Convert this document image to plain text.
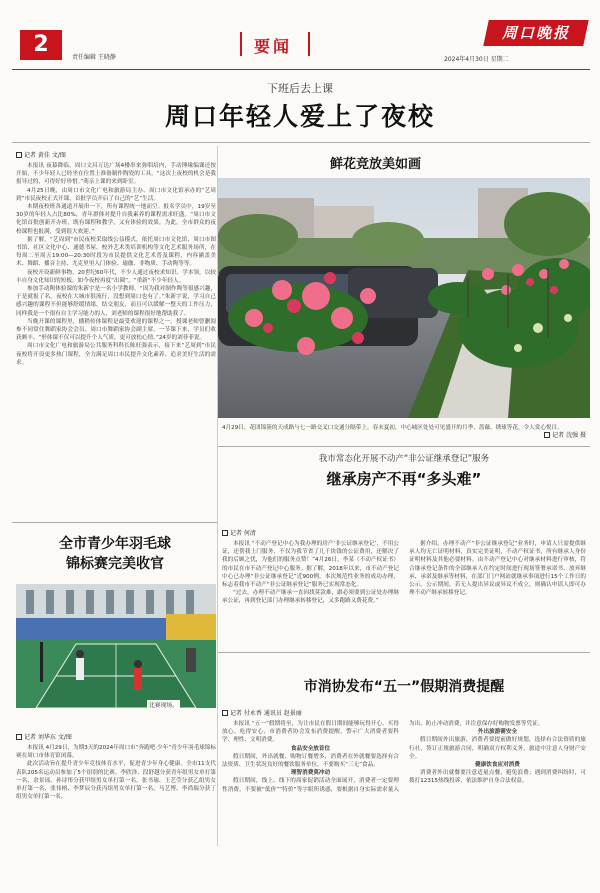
2
责任编辑 王晓静
要闻
2024年4月30日 星期二
周口晚报
下班后去上课
周口年轻人爱上了夜校
记者 黄佳 文/图

本报讯 夜幕降临，周口文昌万达广场4楼串来弥唱培内，手动锤缘编课还按开始，不少年轻人已经坐在位置上准备制作陶瓷的工具。“这次上夜校的机会是我报导过的，可得好好珍惜。”萌亲上课的来到卧室。

4月25日晚，由周口市文化广电和旅游局主办、周口市文化馆承办的“艺周到”市民夜校正式开课，首批学员开启了自己的“艺”生活。

本期夜校班各通道开展串一下，所有课程统一地而空。报名学员中，19岁至30岁的年轻人占比80%，青年群体对提升自我素养的课程需求旺盛。“周口市文化馆首批创新开办班，既有课程和教学，又有体验的效果。为此，全市群众的夜校课程也报满，受到很大欢迎。”

据了解，“艺周到”市民夜校采取线公益模式，依托周口市文化馆、周口市图书馆、社区文化中心、通德书屋、校外艺术类培训机构等文化艺术服务场所，在每周二至周五19:00—20:30时段为市民提供文化艺术普及课程，内容涵盖美术、舞蹈、播音主持、尤克里里入门体验、瑜伽、非物质、手动陶等等。

夜校开设新鲜事物，20世纪60年代，不少人通过夜校求知识、学本领，以较丰自身文化知识的短板。如今夜校再度“出圈”，“重新”不少年轻人。

参加手动陶体验课的朱新宇是一名小学教师。“因为我对制作陶等很感兴趣，于是就报了名。夜校在大城市很流行，没想到周口也有了。”朱新宇说，学习自己感兴趣的课程不但能够舒缓情绪，结交朋友，而且可以缓解一整天的工作压力，同样我是一个很有自主学习能力的人，刘老师的课程很好地帮助我了。

当晚开课的课程里，播稍传体课程是最受欢迎的课程之一。授课老师曾删阅参不同常住舞蹈家协会会员、周口市舞蹈家协会副主席。一节课下来，学员们收获颇丰。“形体课不仅可以提升个人气质，更可放松心情。”24岁的刘菲菲说。

周口市文化广电和旅游局公共服务科科长陈旺强表示，接下来“艺周到”市民夜校将开设更多热门课程，全力满足周口市民提升文化素养、追求美好生活的需求。

鲜花竞放美如画
4月29日，花团锦簇的天成路与七一路交叉口交通分隔带上。春末夏初，中心城区处处可见盛开的月季、蔷薇、绣球等花，令人赏心悦目。
记者 沈强 摄
我市常态化开展不动产“非公证继承登记”服务
继承房产不再“多头难”
记者 何清

本报讯 “不动产登记中心为我办理的房产‘非公证继承登记’，不用公证，还帮我上门服务，不仅为我节省了几千块钱的公证费用，还解决了我的后顾之忧，为他们的服务点赞！”4月26日，李某（不动产权证书）的市民在市不动产登记中心服务。据了解，2018年以来，市不动产登记中心已办理“非公证继承登记”近900例。本次规范性业务的成功办理，标志着我市不动产“非公证继承登记”服务已实现常态化。

“过去，办理不动产继承一直因找莫款难，跟必须要到公证处办理继承公证，再到登记部门办理继承转移登记，又多跑路又费花费。”

据介绍，办理不动产“非公证继承登记”业务时，申请人只需提供继承人均无亡证明材料，真实完美证明，不动产权证书，所有继承人身份证明材料及其他必要材料。由不动产登记中心对继承材料进行审核，符合继承登记条件的全部继承人在约定时间进行现场签署承诺书、放弃继承、承诺及继承等材料，在部门门户网站就继承事项进行15个工作日的公示。公示期间，若无人提出异议或异议不成立，则确认申请人即可办理不动产继承转移登记。

全市青少年羽毛球
锦标赛完美收官
比赛现场。
记者 刘华东 文/图

本报讯 4月29日，为期3天的2024年周口市“奔跑吧·少年”青少年羽毛球锦标赛在周口市体育馆闭幕。

此次活动旨在提升青少年竞技体育水平，促进青少年身心健康。全市11支代表队205名运动员参加了5个组别的比赛。李欣泽、段舒越分获青年组男女单打第一名，余景瑶、孙诗彤分获甲组男女单打第一名，张书瑜、王艺莹分获乙组男女单打第一名，张伟榕、李梦辰分获丙组男女单打第一名，马艺博、李尚瑞分获丁组男女单打第一名。

市消协发布“五一”假期消费提醒
记者 付永香 通讯员 赵景丽

本报讯 “五一”假期将至，为让市民在假日期间能够玩得开心、买得放心、吃得安心，市消费者协会发布消费提醒，警示广大消费者要科学、理性、文明消费。

食品安全放首位

假日期间，外出就餐、购物订餐增多，消费者在外就餐要选择有合法资质、卫生状况良好的餐饮服务单位，不要购买“三无”食品。

理智消费莫冲动

假日期间，线上、线下的商家促销活动全面展开，消费者一定要理性消费，不要被“低价”“特价”等字眼所诱惑，要根据自身实际需求量入为出，防止冲动消费，并注意保存好购物发票等凭证。

外出旅游需安全

假日期间外出旅游，消费者要提前做好规划，选择有合法资质的旅行社，签订正规旅游合同，明确双方权利义务，旅途中注意人身财产安全。

健康饮食应对消费

消费者外出就餐要注意适量点餐，避免浪费；遇到消费纠纷时，可拨打12315热线投诉，依法维护自身合法权益。
